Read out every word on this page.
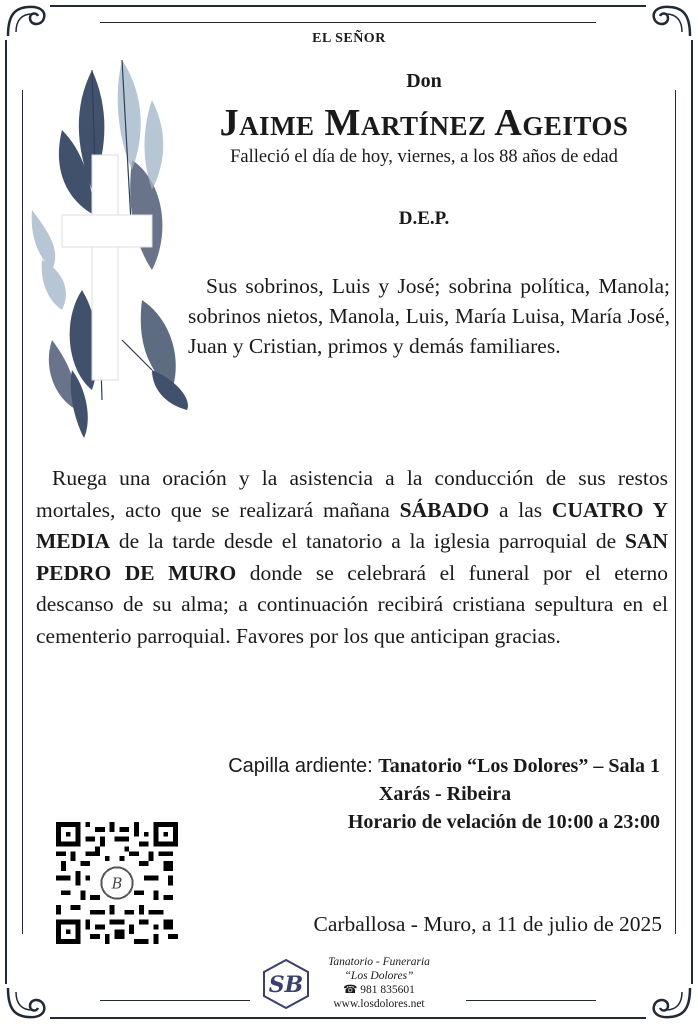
EL SEÑOR
Don
Jaime Martínez Ageitos
Falleció el día de hoy, viernes, a los 88 años de edad
D.E.P.
Sus sobrinos, Luis y José; sobrina política, Manola; sobrinos nietos, Manola, Luis, María Luisa, María José, Juan y Cristian, primos y demás familiares.
Ruega una oración y la asistencia a la conducción de sus restos mortales, acto que se realizará mañana SÁBADO a las CUATRO Y MEDIA de la tarde desde el tanatorio a la iglesia parroquial de SAN PEDRO DE MURO donde se celebrará el funeral por el eterno descanso de su alma; a continuación recibirá cristiana sepultura en el cementerio parroquial. Favores por los que anticipan gracias.
Capilla ardiente: Tanatorio “Los Dolores” – Sala 1
Xarás - Ribeira
Horario de velación de 10:00 a 23:00
B
Carballosa - Muro, a 11 de julio de 2025
SB
Tanatorio - Funeraria
“Los Dolores”
☎ 981 835601
www.losdolores.net
